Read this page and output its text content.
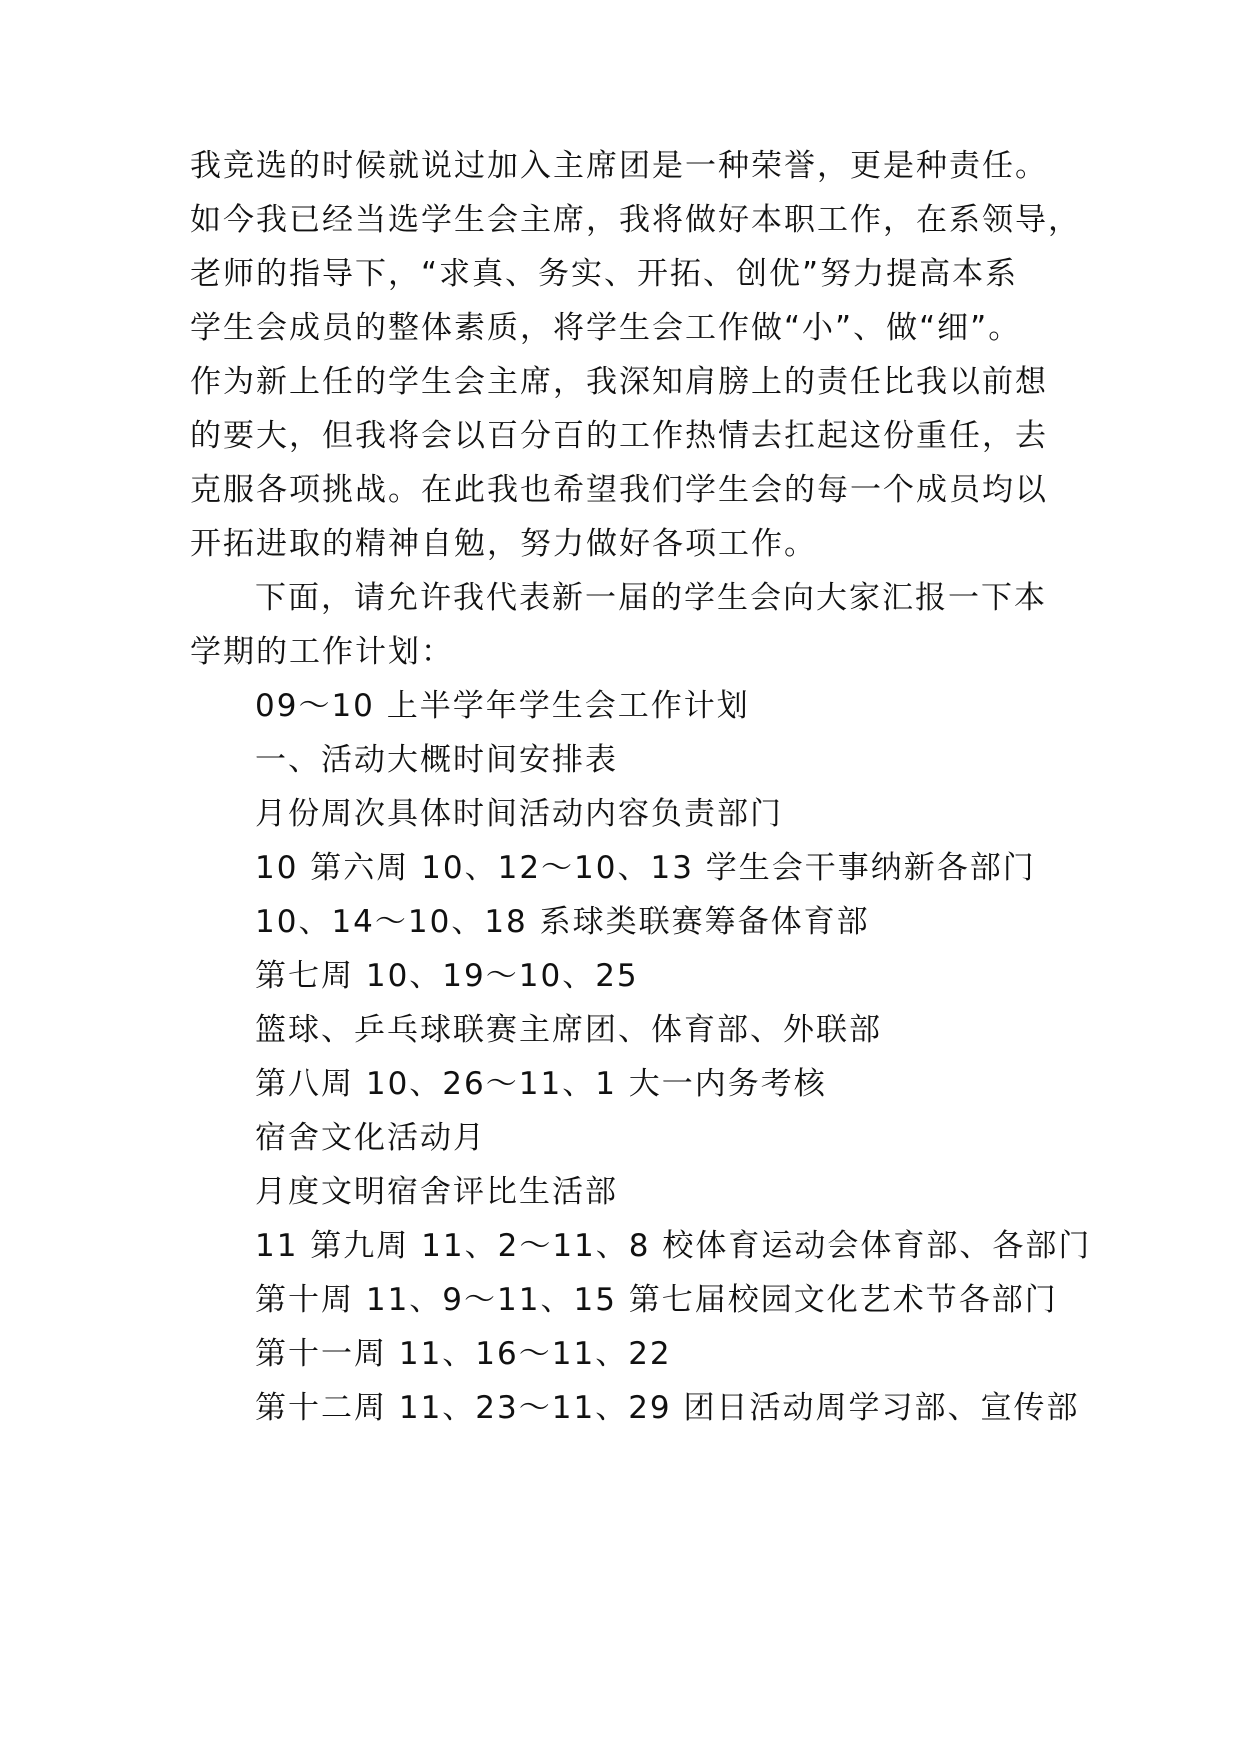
我竞选的时候就说过加入主席团是一种荣誉，更是种责任。
如今我已经当选学生会主席，我将做好本职工作，在系领导，
老师的指导下，“求真、务实、开拓、创优”努力提高本系
学生会成员的整体素质，将学生会工作做“小”、做“细”。
作为新上任的学生会主席，我深知肩膀上的责任比我以前想
的要大，但我将会以百分百的工作热情去扛起这份重任，去
克服各项挑战。在此我也希望我们学生会的每一个成员均以
开拓进取的精神自勉，努力做好各项工作。
下面，请允许我代表新一届的学生会向大家汇报一下本
学期的工作计划：
09～10 上半学年学生会工作计划
一、活动大概时间安排表
月份周次具体时间活动内容负责部门
10 第六周 10、12～10、13 学生会干事纳新各部门
10、14～10、18 系球类联赛筹备体育部
第七周 10、19～10、25
篮球、乒乓球联赛主席团、体育部、外联部
第八周 10、26～11、1 大一内务考核
宿舍文化活动月
月度文明宿舍评比生活部
11 第九周 11、2～11、8 校体育运动会体育部、各部门
第十周 11、9～11、15 第七届校园文化艺术节各部门
第十一周 11、16～11、22
第十二周 11、23～11、29 团日活动周学习部、宣传部
